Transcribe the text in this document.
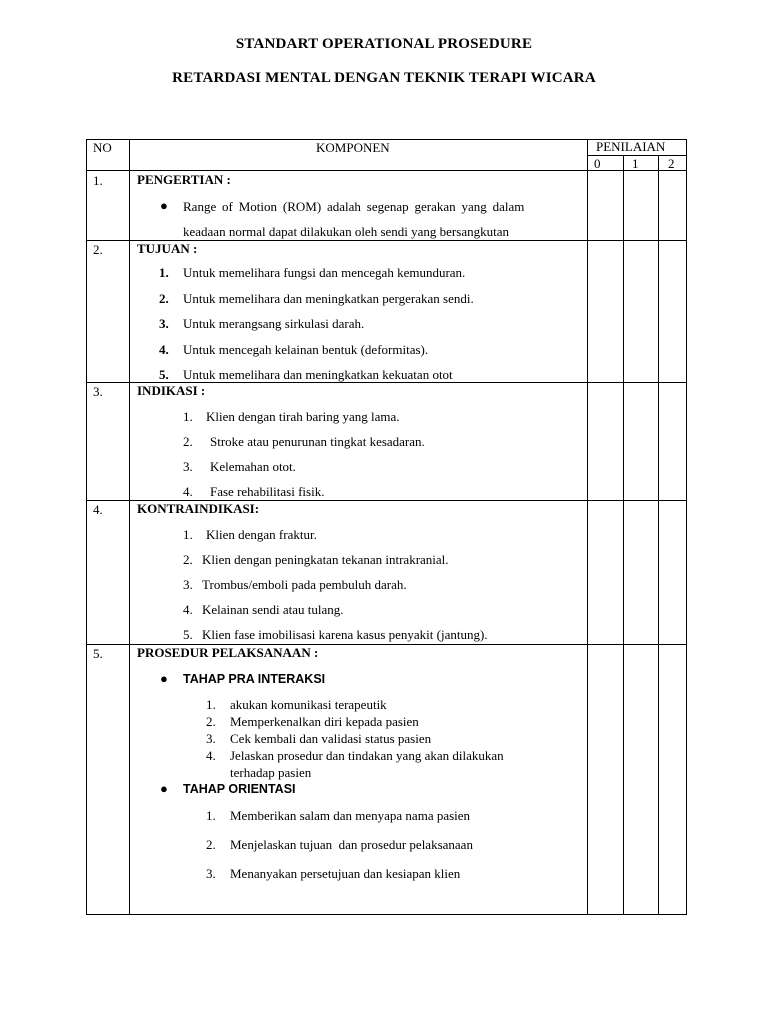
STANDART OPERATIONAL PROSEDURE
RETARDASI MENTAL DENGAN TEKNIK TERAPI WICARA
NO	KOMPONEN	PENILAIAN
0 1 2
1.	PENGERTIAN :
● Range of Motion (ROM) adalah segenap gerakan yang dalam
keadaan normal dapat dilakukan oleh sendi yang bersangkutan
2.	TUJUAN :
1. Untuk memelihara fungsi dan mencegah kemunduran.
2. Untuk memelihara dan meningkatkan pergerakan sendi.
3. Untuk merangsang sirkulasi darah.
4. Untuk mencegah kelainan bentuk (deformitas).
5. Untuk memelihara dan meningkatkan kekuatan otot
3.	INDIKASI :
1. Klien dengan tirah baring yang lama.
2. Stroke atau penurunan tingkat kesadaran.
3. Kelemahan otot.
4. Fase rehabilitasi fisik.
4.	KONTRAINDIKASI:
1. Klien dengan fraktur.
2. Klien dengan peningkatan tekanan intrakranial.
3. Trombus/emboli pada pembuluh darah.
4. Kelainan sendi atau tulang.
5. Klien fase imobilisasi karena kasus penyakit (jantung).
5.	PROSEDUR PELAKSANAAN :
● TAHAP PRA INTERAKSI
1. akukan komunikasi terapeutik
2. Memperkenalkan diri kepada pasien
3. Cek kembali dan validasi status pasien
4. Jelaskan prosedur dan tindakan yang akan dilakukan
terhadap pasien
● TAHAP ORIENTASI
1. Memberikan salam dan menyapa nama pasien
2. Menjelaskan tujuan  dan prosedur pelaksanaan
3. Menanyakan persetujuan dan kesiapan klien
